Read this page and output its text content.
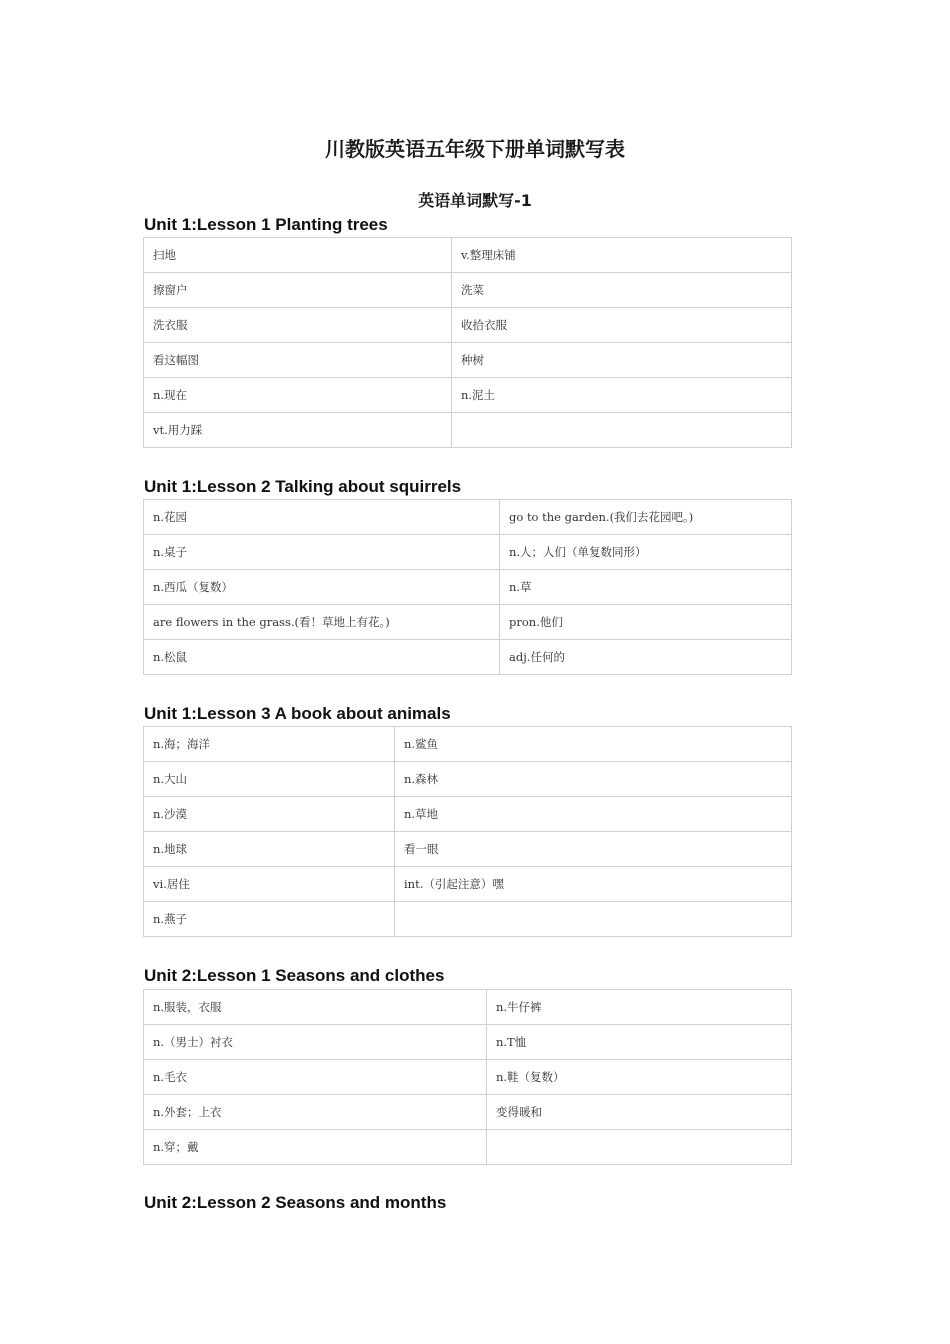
川教版英语五年级下册单词默写表
英语单词默写-1
Unit 1:Lesson 1 Planting trees
扫地	v.整理床铺
擦窗户	洗菜
洗衣服	收拾衣服
看这幅图	种树
n.现在	n.泥土
vt.用力踩	
Unit 1:Lesson 2 Talking about squirrels
n.花园	go to the garden.(我们去花园吧。)
n.桌子	n.人；人们（单复数同形）
n.西瓜（复数）	n.草
are flowers in the grass.(看！草地上有花。)	pron.他们
n.松鼠	adj.任何的
Unit 1:Lesson 3 A book about animals
n.海；海洋	n.鲨鱼
n.大山	n.森林
n.沙漠	n.草地
n.地球	看一眼
vi.居住	int.（引起注意）嘿
n.燕子	
Unit 2:Lesson 1 Seasons and clothes
n.服装，衣服	n.牛仔裤
n.（男士）衬衣	n.T恤
n.毛衣	n.鞋（复数）
n.外套；上衣	变得暖和
n.穿；戴	
Unit 2:Lesson 2 Seasons and months
